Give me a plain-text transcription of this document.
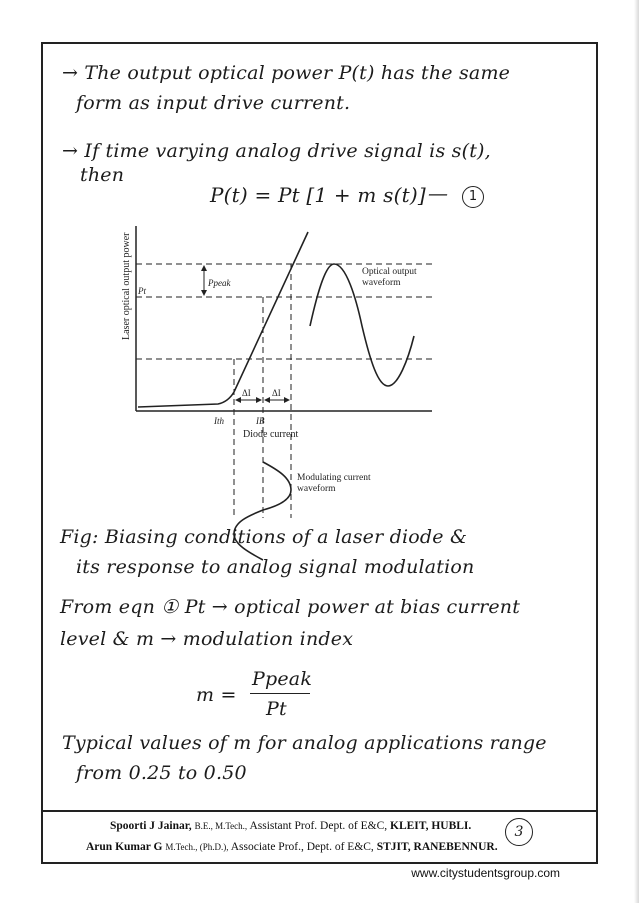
→ The output optical power P(t) has the same
form as input drive current.
→ If time varying analog drive signal is s(t),
then
P(t) = Pt [1 + m s(t)] —	1
Laser optical output power
Diode current
Ppeak
Pt
ΔI ΔI
Ith	IB
Optical output
waveform
Modulating current
waveform
Fig: Biasing conditions of a laser diode &
its response to analog signal modulation
From eqn ① Pt → optical power at bias current
level & m → modulation index
m =
Ppeak
Pt
Typical values of m for analog applications range
from 0.25 to 0.50
Spoorti J Jainar, B.E., M.Tech., Assistant Prof. Dept. of E&C, KLEIT, HUBLI.
Arun Kumar G M.Tech., (Ph.D.), Associate Prof., Dept. of E&C, STJIT, RANEBENNUR.
3
www.citystudentsgroup.com
